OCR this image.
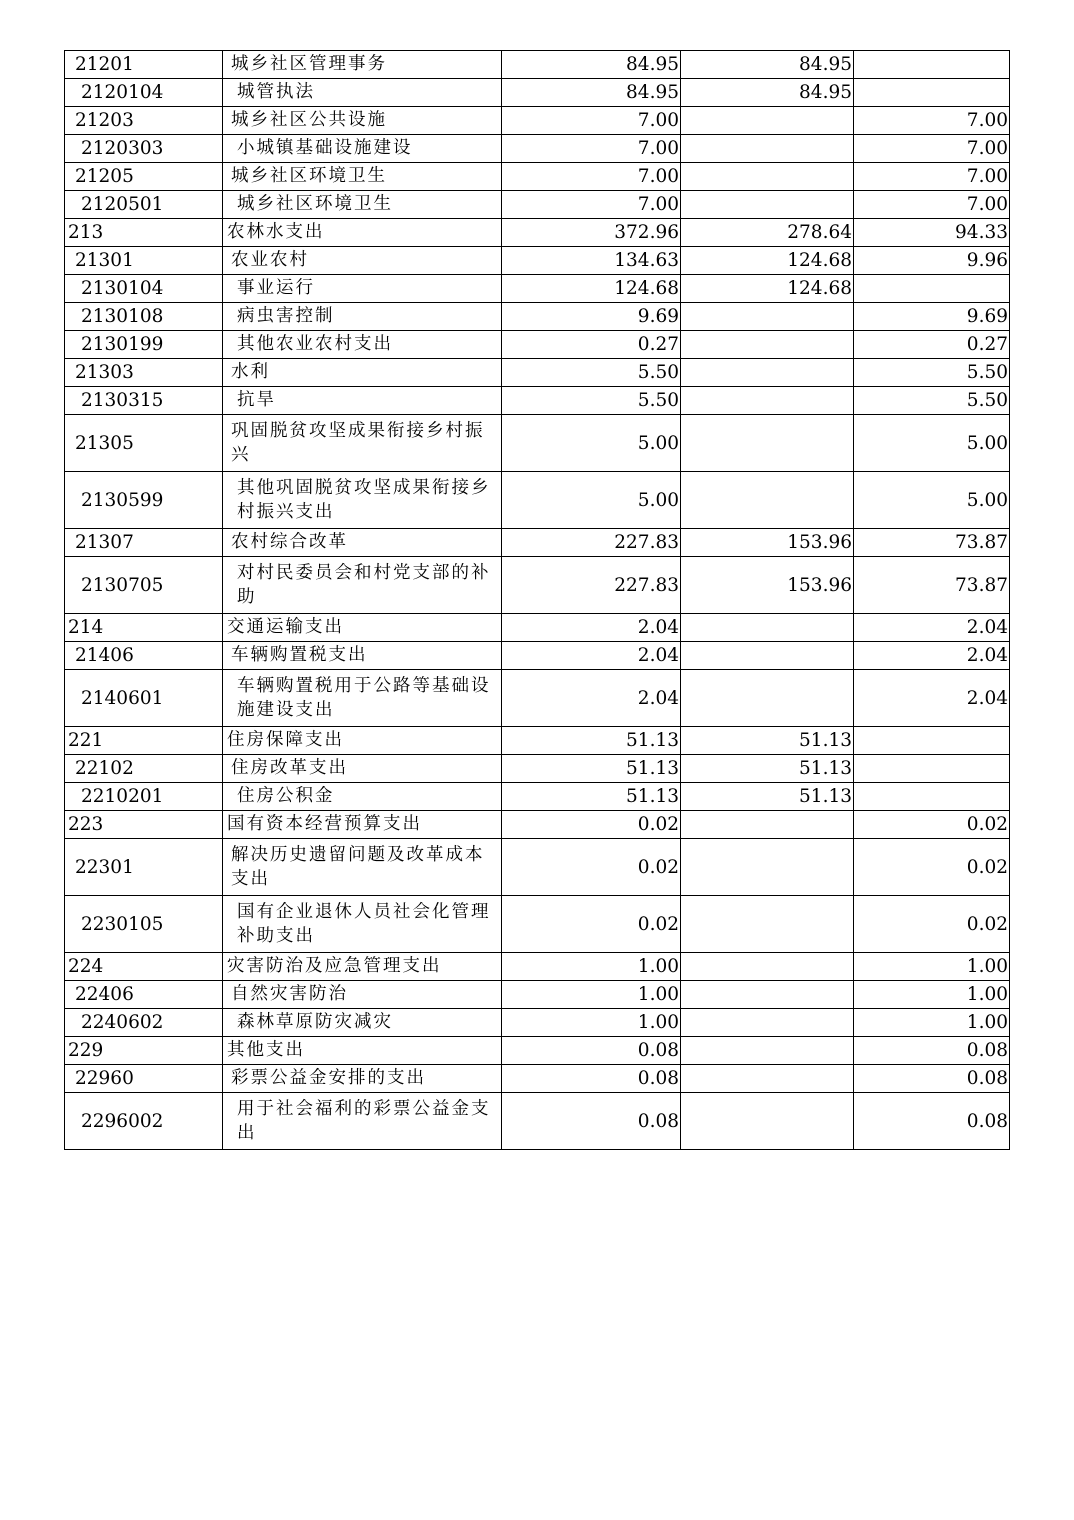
21201	城乡社区管理事务	84.95	84.95	
2120104	城管执法	84.95	84.95	
21203	城乡社区公共设施	7.00		7.00
2120303	小城镇基础设施建设	7.00		7.00
21205	城乡社区环境卫生	7.00		7.00
2120501	城乡社区环境卫生	7.00		7.00
213	农林水支出	372.96	278.64	94.33
21301	农业农村	134.63	124.68	9.96
2130104	事业运行	124.68	124.68	
2130108	病虫害控制	9.69		9.69
2130199	其他农业农村支出	0.27		0.27
21303	水利	5.50		5.50
2130315	抗旱	5.50		5.50
21305	巩固脱贫攻坚成果衔接乡村振兴	5.00		5.00
2130599	其他巩固脱贫攻坚成果衔接乡村振兴支出	5.00		5.00
21307	农村综合改革	227.83	153.96	73.87
2130705	对村民委员会和村党支部的补助	227.83	153.96	73.87
214	交通运输支出	2.04		2.04
21406	车辆购置税支出	2.04		2.04
2140601	车辆购置税用于公路等基础设施建设支出	2.04		2.04
221	住房保障支出	51.13	51.13	
22102	住房改革支出	51.13	51.13	
2210201	住房公积金	51.13	51.13	
223	国有资本经营预算支出	0.02		0.02
22301	解决历史遗留问题及改革成本支出	0.02		0.02
2230105	国有企业退休人员社会化管理补助支出	0.02		0.02
224	灾害防治及应急管理支出	1.00		1.00
22406	自然灾害防治	1.00		1.00
2240602	森林草原防灾减灾	1.00		1.00
229	其他支出	0.08		0.08
22960	彩票公益金安排的支出	0.08		0.08
2296002	用于社会福利的彩票公益金支出	0.08		0.08
